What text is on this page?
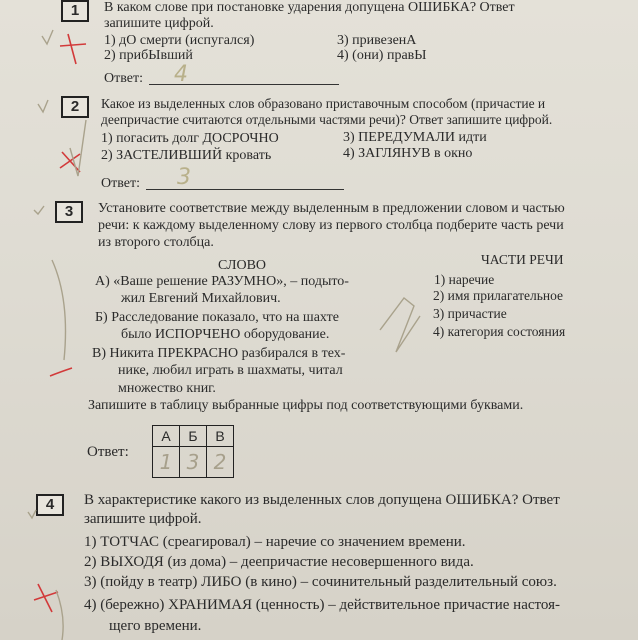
1	В каком слове при постановке ударения допущена ОШИБКА? Ответ
запишите цифрой.
1) дО смерти (испугался)
2) прибЫвший
3) привезенА
4) (они) правЫ
Ответ: 4
2	Какое из выделенных слов образовано приставочным способом (причастие и
деепричастие считаются отдельными частями речи)? Ответ запишите цифрой.
1) погасить долг ДОСРОЧНО
2) ЗАСТЕЛИВШИЙ кровать
3) ПЕРЕДУМАЛИ идти
4) ЗАГЛЯНУВ в окно
Ответ: 3
3	Установите соответствие между выделенным в предложении словом и частью
речи: к каждому выделенному слову из первого столбца подберите часть речи
из второго столбца.
СЛОВО	ЧАСТИ РЕЧИ
А) «Ваше решение РАЗУМНО», – подыто-
жил Евгений Михайлович.
Б) Расследование показало, что на шахте
было ИСПОРЧЕНО оборудование.
В) Никита ПРЕКРАСНО разбирался в тех-
нике, любил играть в шахматы, читал
множество книг.
1) наречие
2) имя прилагательное
3) причастие
4) категория состояния
Запишите в таблицу выбранные цифры под соответствующими буквами.
Ответ:
А	Б	В
1	3	2
4	В характеристике какого из выделенных слов допущена ОШИБКА? Ответ
запишите цифрой.
1) ТОТЧАС (среагировал) – наречие со значением времени.
2) ВЫХОДЯ (из дома) – деепричастие несовершенного вида.
3) (пойду в театр) ЛИБО (в кино) – сочинительный разделительный союз.
4) (бережно) ХРАНИМАЯ (ценность) – действительное причастие настоя-
щего времени.
